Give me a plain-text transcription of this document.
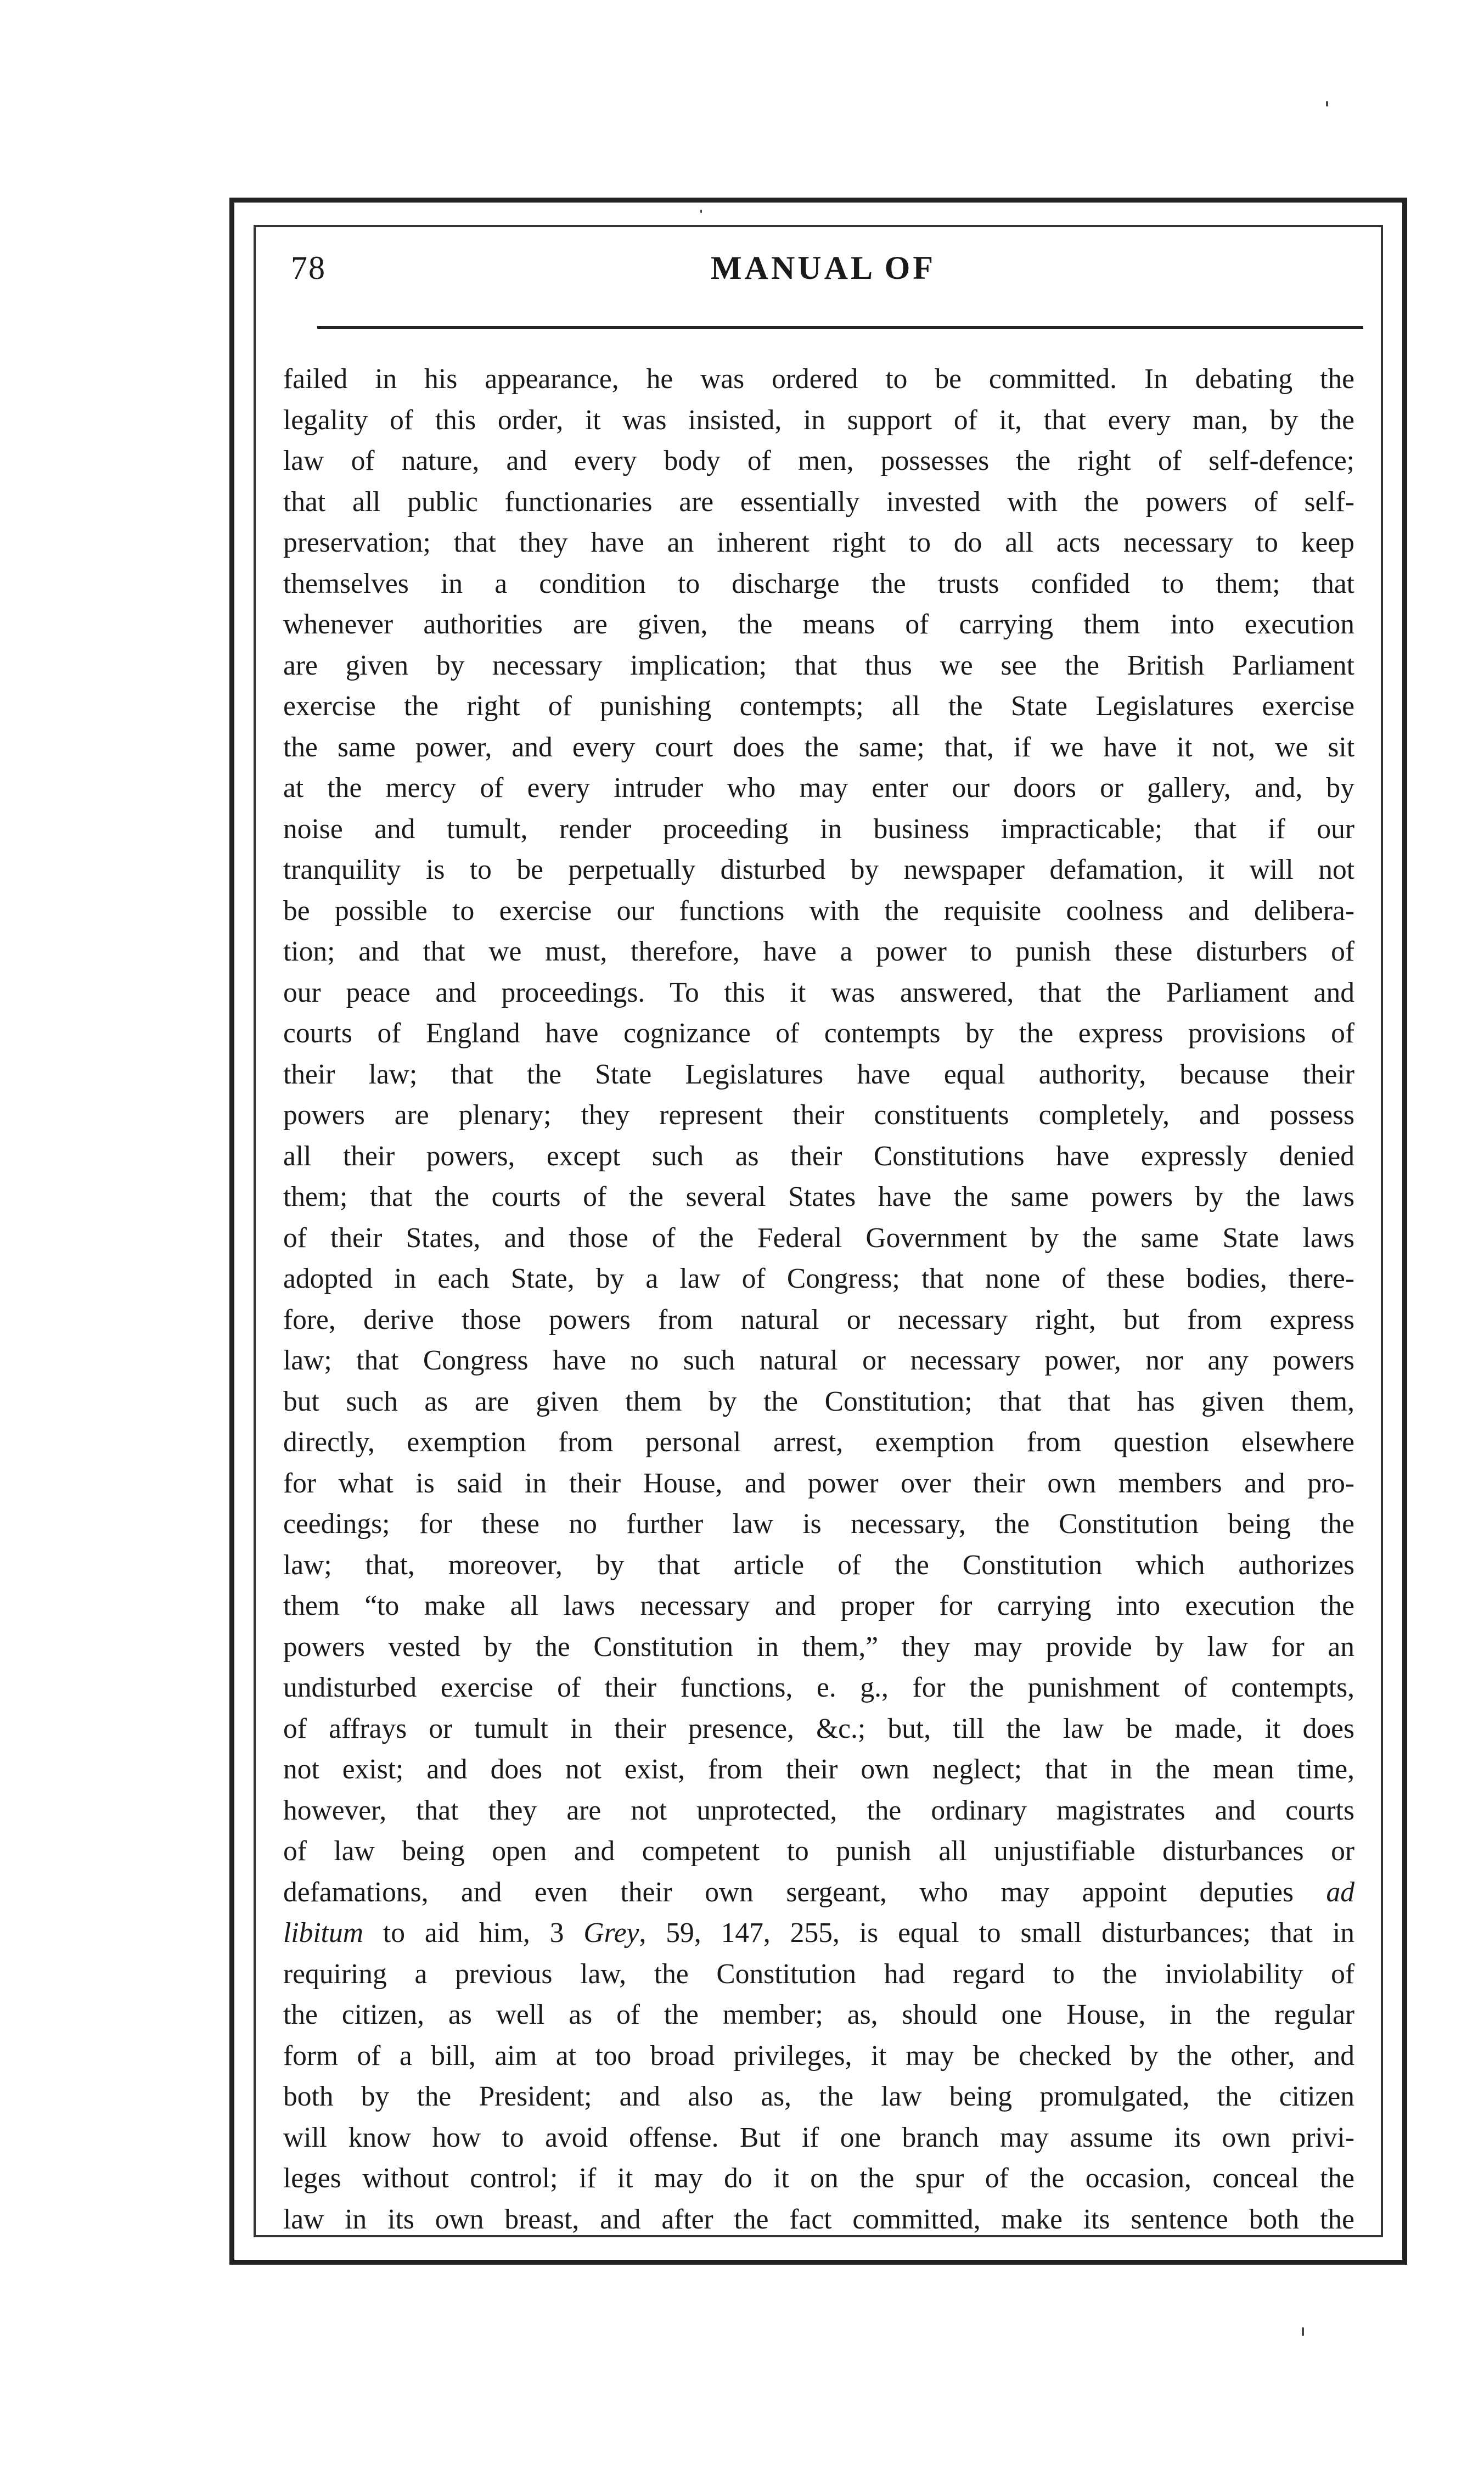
78	MANUAL OF
failed in his appearance, he was ordered to be committed. In debating the
legality of this order, it was insisted, in support of it, that every man, by the
law of nature, and every body of men, possesses the right of self-defence;
that all public functionaries are essentially invested with the powers of self-
preservation; that they have an inherent right to do all acts necessary to keep
themselves in a condition to discharge the trusts confided to them; that
whenever authorities are given, the means of carrying them into execution
are given by necessary implication; that thus we see the British Parliament
exercise the right of punishing contempts; all the State Legislatures exercise
the same power, and every court does the same; that, if we have it not, we sit
at the mercy of every intruder who may enter our doors or gallery, and, by
noise and tumult, render proceeding in business impracticable; that if our
tranquility is to be perpetually disturbed by newspaper defamation, it will not
be possible to exercise our functions with the requisite coolness and delibera-
tion; and that we must, therefore, have a power to punish these disturbers of
our peace and proceedings. To this it was answered, that the Parliament and
courts of England have cognizance of contempts by the express provisions of
their law; that the State Legislatures have equal authority, because their
powers are plenary; they represent their constituents completely, and possess
all their powers, except such as their Constitutions have expressly denied
them; that the courts of the several States have the same powers by the laws
of their States, and those of the Federal Government by the same State laws
adopted in each State, by a law of Congress; that none of these bodies, there-
fore, derive those powers from natural or necessary right, but from express
law; that Congress have no such natural or necessary power, nor any powers
but such as are given them by the Constitution; that that has given them,
directly, exemption from personal arrest, exemption from question elsewhere
for what is said in their House, and power over their own members and pro-
ceedings; for these no further law is necessary, the Constitution being the
law; that, moreover, by that article of the Constitution which authorizes
them “to make all laws necessary and proper for carrying into execution the
powers vested by the Constitution in them,” they may provide by law for an
undisturbed exercise of their functions, e. g., for the punishment of contempts,
of affrays or tumult in their presence, &c.; but, till the law be made, it does
not exist; and does not exist, from their own neglect; that in the mean time,
however, that they are not unprotected, the ordinary magistrates and courts
of law being open and competent to punish all unjustifiable disturbances or
defamations, and even their own sergeant, who may appoint deputies ad
libitum to aid him, 3 Grey, 59, 147, 255, is equal to small disturbances; that in
requiring a previous law, the Constitution had regard to the inviolability of
the citizen, as well as of the member; as, should one House, in the regular
form of a bill, aim at too broad privileges, it may be checked by the other, and
both by the President; and also as, the law being promulgated, the citizen
will know how to avoid offense. But if one branch may assume its own privi-
leges without control; if it may do it on the spur of the occasion, conceal the
law in its own breast, and after the fact committed, make its sentence both the
